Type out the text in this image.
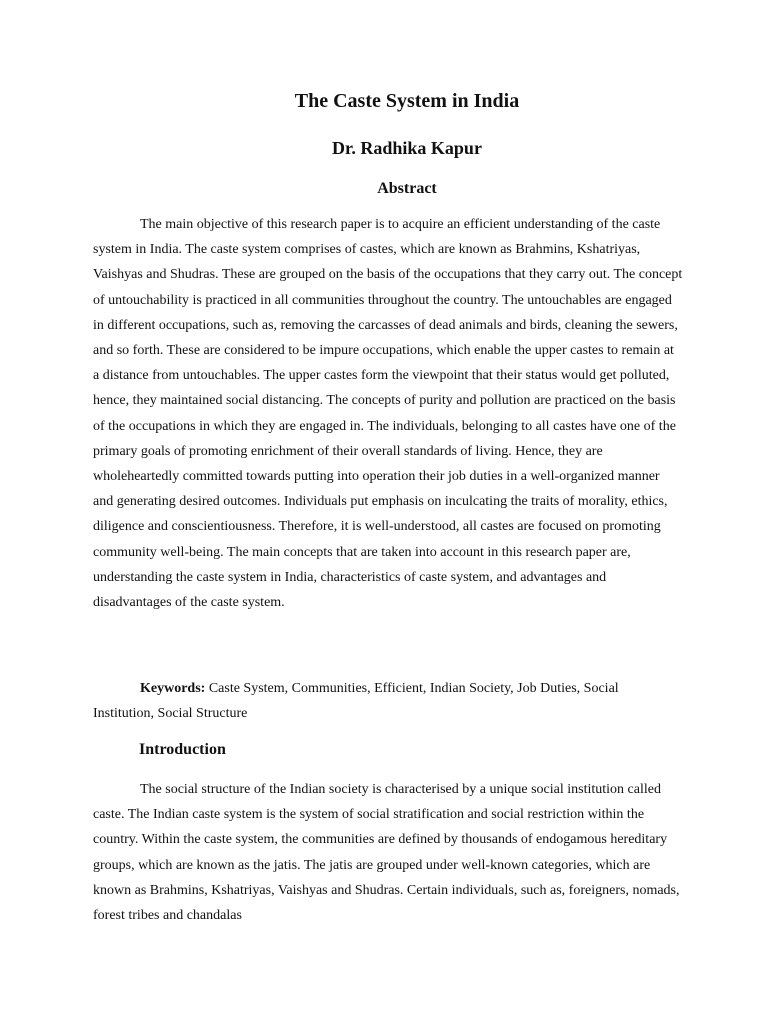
The Caste System in India
Dr. Radhika Kapur
Abstract

The main objective of this research paper is to acquire an efficient understanding of the caste system in India. The caste system comprises of castes, which are known as Brahmins, Kshatriyas, Vaishyas and Shudras. These are grouped on the basis of the occupations that they carry out. The concept of untouchability is practiced in all communities throughout the country. The untouchables are engaged in different occupations, such as, removing the carcasses of dead animals and birds, cleaning the sewers, and so forth. These are considered to be impure occupations, which enable the upper castes to remain at a distance from untouchables. The upper castes form the viewpoint that their status would get polluted, hence, they maintained social distancing. The concepts of purity and pollution are practiced on the basis of the occupations in which they are engaged in. The individuals, belonging to all castes have one of the primary goals of promoting enrichment of their overall standards of living. Hence, they are wholeheartedly committed towards putting into operation their job duties in a well-organized manner and generating desired outcomes. Individuals put emphasis on inculcating the traits of morality, ethics, diligence and conscientiousness. Therefore, it is well-understood, all castes are focused on promoting community well-being. The main concepts that are taken into account in this research paper are, understanding the caste system in India, characteristics of caste system, and advantages and disadvantages of the caste system.

Keywords: Caste System, Communities, Efficient, Indian Society, Job Duties, Social Institution, Social Structure

Introduction

The social structure of the Indian society is characterised by a unique social institution called caste. The Indian caste system is the system of social stratification and social restriction within the country. Within the caste system, the communities are defined by thousands of endogamous hereditary groups, which are known as the jatis. The jatis are grouped under well-known categories, which are known as Brahmins, Kshatriyas, Vaishyas and Shudras. Certain individuals, such as, foreigners, nomads, forest tribes and chandalas
